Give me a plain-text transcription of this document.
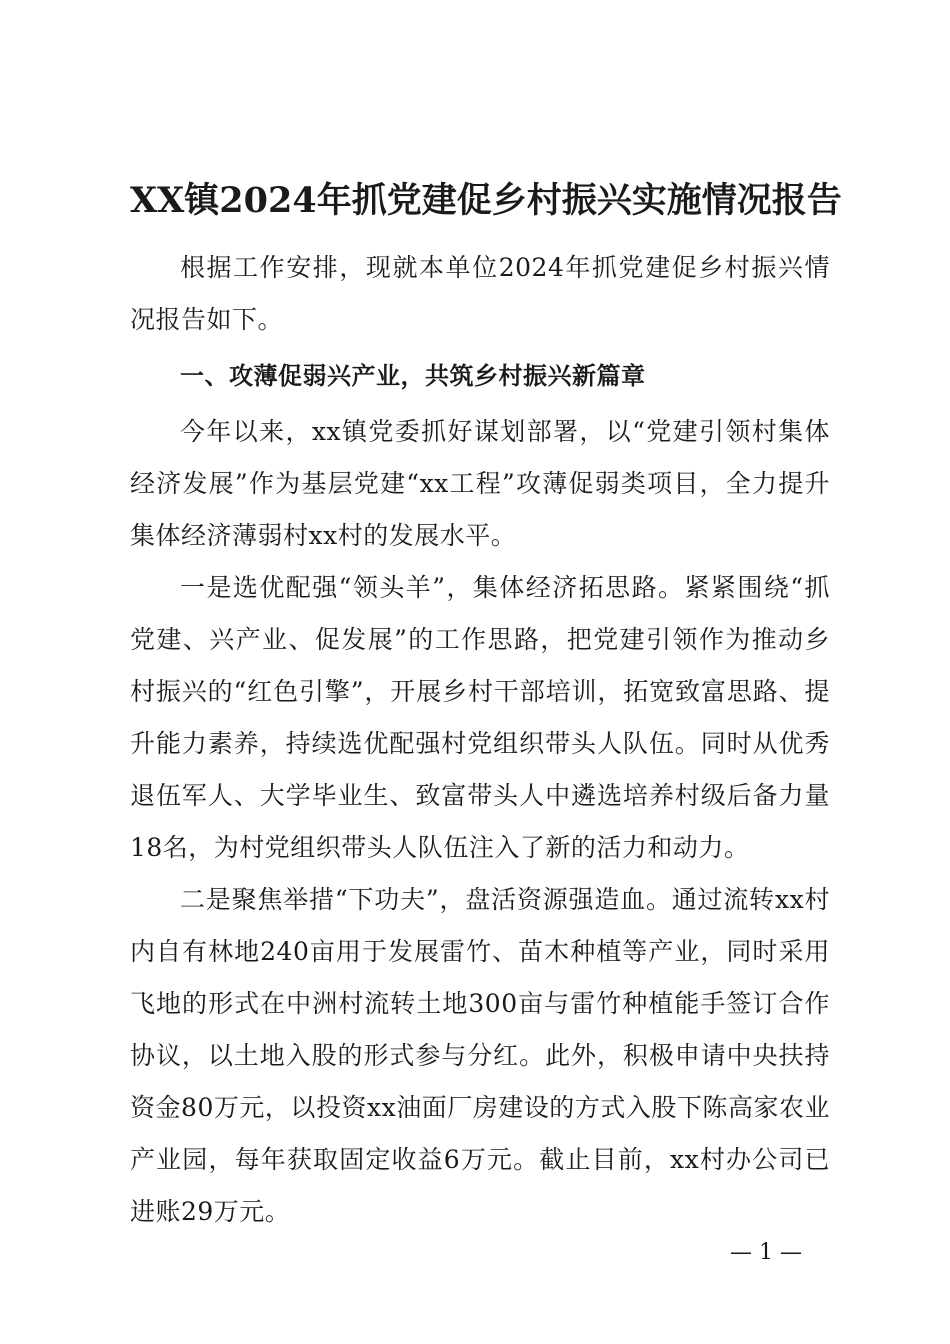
XX镇2024年抓党建促乡村振兴实施情况报告

根据工作安排，现就本单位2024年抓党建促乡村振兴情况报告如下。

一、攻薄促弱兴产业，共筑乡村振兴新篇章

今年以来，xx镇党委抓好谋划部署，以“党建引领村集体经济发展”作为基层党建“xx工程”攻薄促弱类项目，全力提升集体经济薄弱村xx村的发展水平。

一是选优配强“领头羊”，集体经济拓思路。紧紧围绕“抓党建、兴产业、促发展”的工作思路，把党建引领作为推动乡村振兴的“红色引擎”，开展乡村干部培训，拓宽致富思路、提升能力素养，持续选优配强村党组织带头人队伍。同时从优秀退伍军人、大学毕业生、致富带头人中遴选培养村级后备力量18名，为村党组织带头人队伍注入了新的活力和动力。

二是聚焦举措“下功夫”，盘活资源强造血。通过流转xx村内自有林地240亩用于发展雷竹、苗木种植等产业，同时采用飞地的形式在中洲村流转土地300亩与雷竹种植能手签订合作协议，以土地入股的形式参与分红。此外，积极申请中央扶持资金80万元，以投资xx油面厂房建设的方式入股下陈高家农业产业园，每年获取固定收益6万元。截止目前，xx村办公司已进账29万元。

— 1 —
